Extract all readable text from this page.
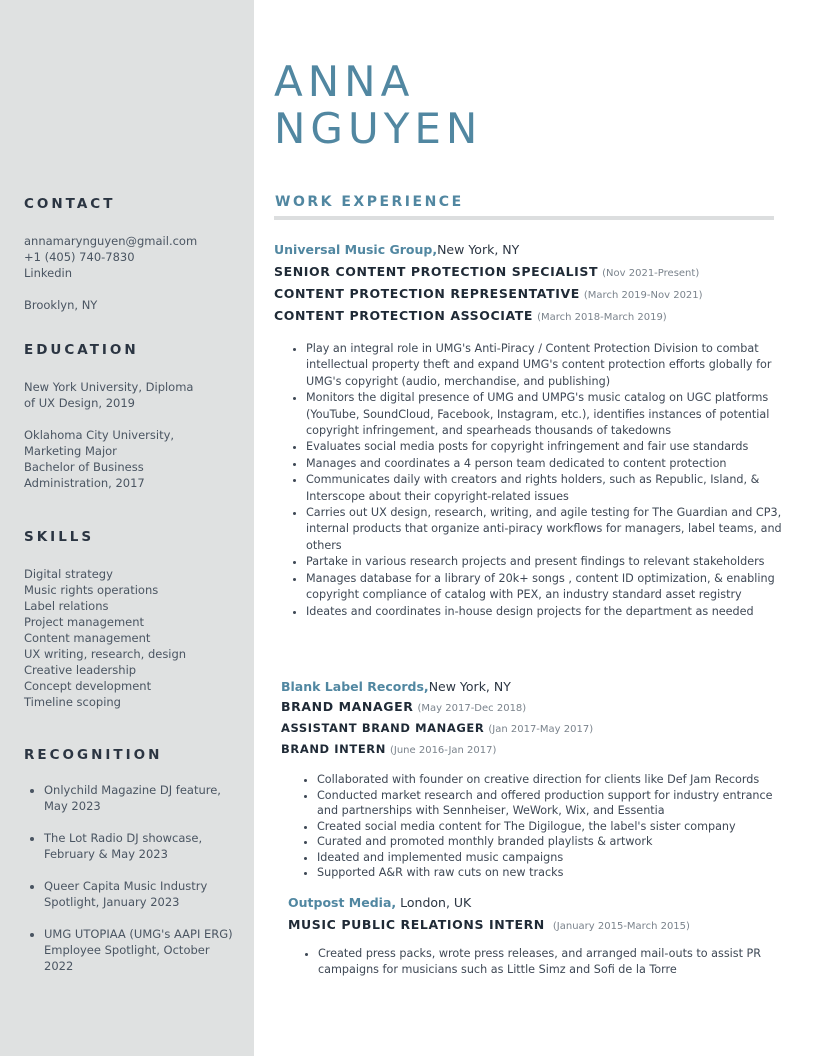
CONTACT
annamarynguyen@gmail.com
+1 (405) 740-7830
Linkedin
Brooklyn, NY
EDUCATION
New York University, Diploma
of UX Design, 2019
Oklahoma City University,
Marketing Major
Bachelor of Business
Administration, 2017
SKILLS
Digital strategy
Music rights operations
Label relations
Project management
Content management
UX writing, research, design
Creative leadership
Concept development
Timeline scoping
RECOGNITION
• Onlychild Magazine DJ feature, May 2023
• The Lot Radio DJ showcase, February & May 2023
• Queer Capita Music Industry Spotlight, January 2023
• UMG UTOPIAA (UMG's AAPI ERG) Employee Spotlight, October 2022
ANNA
NGUYEN
WORK EXPERIENCE
Universal Music Group,New York, NY
SENIOR CONTENT PROTECTION SPECIALIST (Nov 2021-Present)
CONTENT PROTECTION REPRESENTATIVE (March 2019-Nov 2021)
CONTENT PROTECTION ASSOCIATE (March 2018-March 2019)
• Play an integral role in UMG's Anti-Piracy / Content Protection Division to combat intellectual property theft and expand UMG's content protection efforts globally for UMG's copyright (audio, merchandise, and publishing)
• Monitors the digital presence of UMG and UMPG's music catalog on UGC platforms (YouTube, SoundCloud, Facebook, Instagram, etc.), identifies instances of potential copyright infringement, and spearheads thousands of takedowns
• Evaluates social media posts for copyright infringement and fair use standards
• Manages and coordinates a 4 person team dedicated to content protection
• Communicates daily with creators and rights holders, such as Republic, Island, & Interscope about their copyright-related issues
• Carries out UX design, research, writing, and agile testing for The Guardian and CP3, internal products that organize anti-piracy workflows for managers, label teams, and others
• Partake in various research projects and present findings to relevant stakeholders
• Manages database for a library of 20k+ songs , content ID optimization, & enabling copyright compliance of catalog with PEX, an industry standard asset registry
• Ideates and coordinates in-house design projects for the department as needed
Blank Label Records,New York, NY
BRAND MANAGER (May 2017-Dec 2018)
ASSISTANT BRAND MANAGER (Jan 2017-May 2017)
BRAND INTERN (June 2016-Jan 2017)
• Collaborated with founder on creative direction for clients like Def Jam Records
• Conducted market research and offered production support for industry entrance and partnerships with Sennheiser, WeWork, Wix, and Essentia
• Created social media content for The Digilogue, the label's sister company
• Curated and promoted monthly branded playlists & artwork
• Ideated and implemented music campaigns
• Supported A&R with raw cuts on new tracks
Outpost Media, London, UK
MUSIC PUBLIC RELATIONS INTERN (January 2015-March 2015)
• Created press packs, wrote press releases, and arranged mail-outs to assist PR campaigns for musicians such as Little Simz and Sofi de la Torre
